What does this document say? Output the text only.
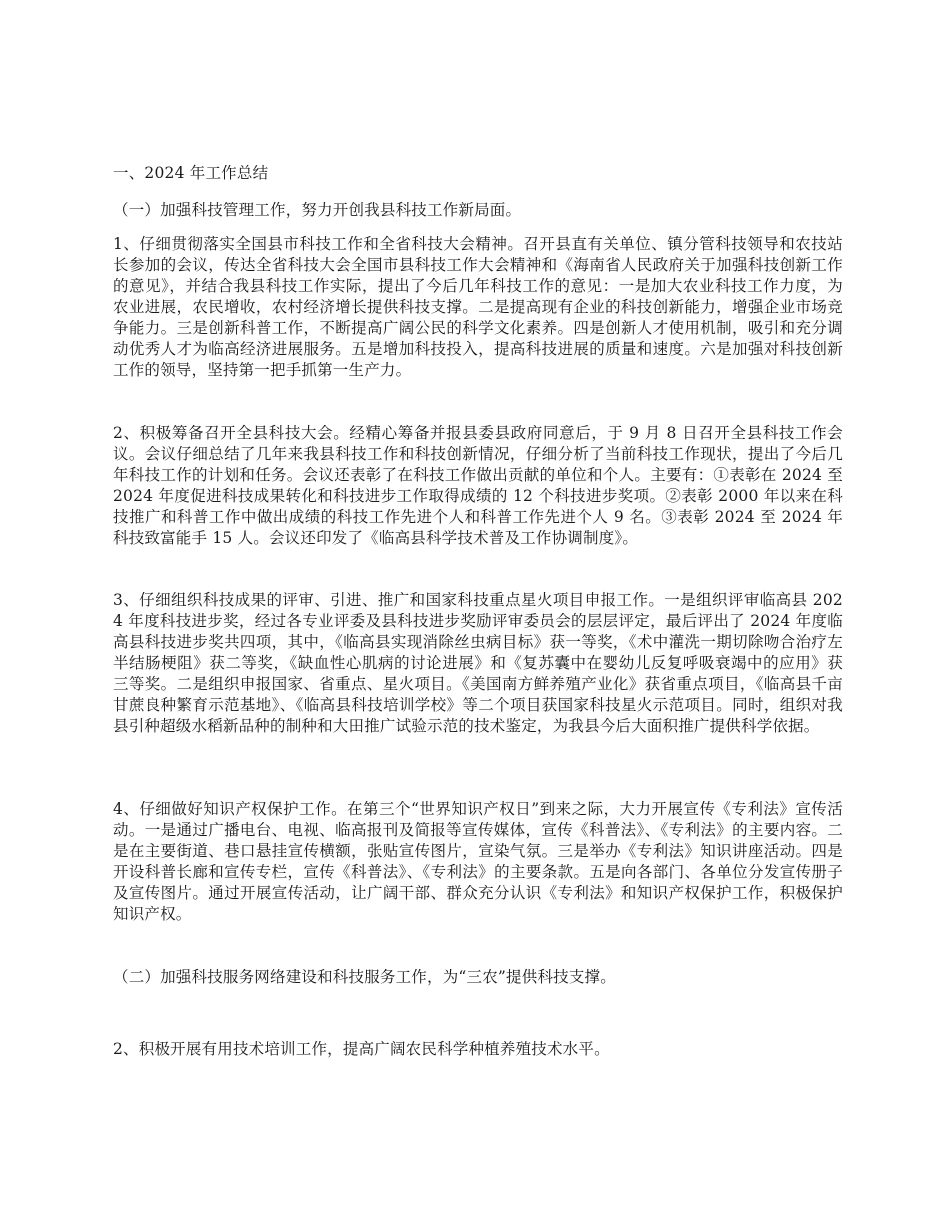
一、2024 年工作总结

（一）加强科技管理工作，努力开创我县科技工作新局面。

1、仔细贯彻落实全国县市科技工作和全省科技大会精神。召开县直有关单位、镇分管科技领导和农技站长参加的会议，传达全省科技大会全国市县科技工作大会精神和《海南省人民政府关于加强科技创新工作的意见》，并结合我县科技工作实际，提出了今后几年科技工作的意见：一是加大农业科技工作力度，为农业进展，农民增收，农村经济增长提供科技支撑。二是提高现有企业的科技创新能力，增强企业市场竞争能力。三是创新科普工作，不断提高广阔公民的科学文化素养。四是创新人才使用机制，吸引和充分调动优秀人才为临高经济进展服务。五是增加科技投入，提高科技进展的质量和速度。六是加强对科技创新工作的领导，坚持第一把手抓第一生产力。

2、积极筹备召开全县科技大会。经精心筹备并报县委县政府同意后，于 9 月 8 日召开全县科技工作会议。会议仔细总结了几年来我县科技工作和科技创新情况，仔细分析了当前科技工作现状，提出了今后几年科技工作的计划和任务。会议还表彰了在科技工作做出贡献的单位和个人。主要有：①表彰在 2024 至 2024 年度促进科技成果转化和科技进步工作取得成绩的 12 个科技进步奖项。②表彰 2000 年以来在科技推广和科普工作中做出成绩的科技工作先进个人和科普工作先进个人 9 名。③表彰 2024 至 2024 年科技致富能手 15 人。会议还印发了《临高县科学技术普及工作协调制度》。

3、仔细组织科技成果的评审、引进、推广和国家科技重点星火项目申报工作。一是组织评审临高县 2024 年度科技进步奖，经过各专业评委及县科技进步奖励评审委员会的层层评定，最后评出了 2024 年度临高县科技进步奖共四项，其中，《临高县实现消除丝虫病目标》获一等奖，《术中灌洗一期切除吻合治疗左半结肠梗阻》获二等奖，《缺血性心肌病的讨论进展》和《复苏囊中在婴幼儿反复呼吸衰竭中的应用》获三等奖。二是组织申报国家、省重点、星火项目。《美国南方鲜养殖产业化》获省重点项目，《临高县千亩甘蔗良种繁育示范基地》、《临高县科技培训学校》等二个项目获国家科技星火示范项目。同时，组织对我县引种超级水稻新品种的制种和大田推广试验示范的技术鉴定，为我县今后大面积推广提供科学依据。

4、仔细做好知识产权保护工作。在第三个“世界知识产权日”到来之际，大力开展宣传《专利法》宣传活动。一是通过广播电台、电视、临高报刊及简报等宣传媒体，宣传《科普法》、《专利法》的主要内容。二是在主要街道、巷口悬挂宣传横额，张贴宣传图片，宣染气氛。三是举办《专利法》知识讲座活动。四是开设科普长廊和宣传专栏，宣传《科普法》、《专利法》的主要条款。五是向各部门、各单位分发宣传册子及宣传图片。通过开展宣传活动，让广阔干部、群众充分认识《专利法》和知识产权保护工作，积极保护知识产权。

（二）加强科技服务网络建设和科技服务工作，为“三农”提供科技支撑。

2、积极开展有用技术培训工作，提高广阔农民科学种植养殖技术水平。
